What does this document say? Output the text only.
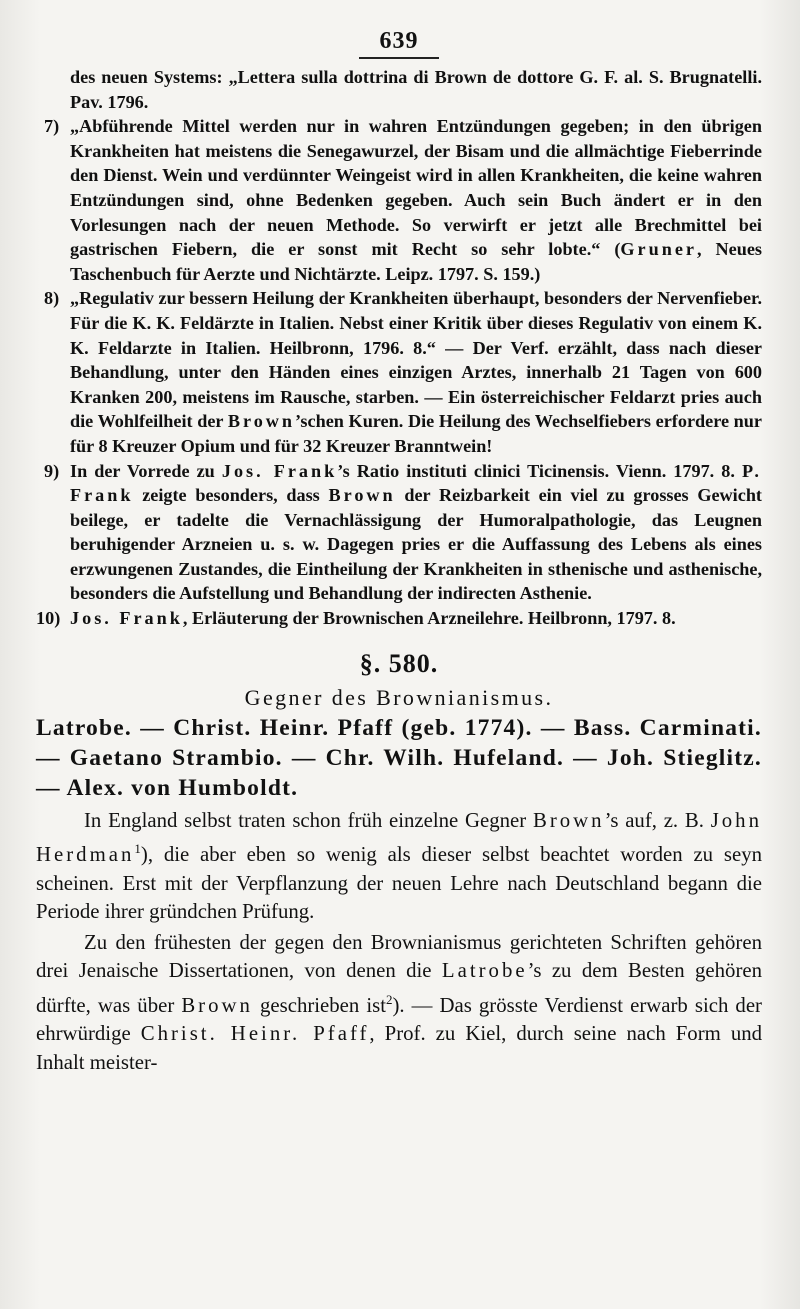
639
des neuen Systems: „Lettera sulla dottrina di Brown de dottore G. F. al. S. Brugnatelli. Pav. 1796.
7) „Abführende Mittel werden nur in wahren Entzündungen gegeben; in den übrigen Krankheiten hat meistens die Senegawurzel, der Bisam und die allmächtige Fieberrinde den Dienst. Wein und verdünnter Weingeist wird in allen Krankheiten, die keine wahren Entzündungen sind, ohne Bedenken gegeben. Auch sein Buch ändert er in den Vorlesungen nach der neuen Methode. So verwirft er jetzt alle Brechmittel bei gastrischen Fiebern, die er sonst mit Recht so sehr lobte.“ (Gruner, Neues Taschenbuch für Aerzte und Nichtärzte. Leipz. 1797. S. 159.)
8) „Regulativ zur bessern Heilung der Krankheiten überhaupt, besonders der Nervenfieber. Für die K. K. Feldärzte in Italien. Nebst einer Kritik über dieses Regulativ von einem K. K. Feldarzte in Italien. Heilbronn, 1796. 8.“ — Der Verf. erzählt, dass nach dieser Behandlung, unter den Händen eines einzigen Arztes, innerhalb 21 Tagen von 600 Kranken 200, meistens im Rausche, starben. — Ein österreichischer Feldarzt pries auch die Wohlfeilheit der Brown’schen Kuren. Die Heilung des Wechselfiebers erfordere nur für 8 Kreuzer Opium und für 32 Kreuzer Branntwein!
9) In der Vorrede zu Jos. Frank’s Ratio instituti clinici Ticinensis. Vienn. 1797. 8. P. Frank zeigte besonders, dass Brown der Reizbarkeit ein viel zu grosses Gewicht beilege, er tadelte die Vernachlässigung der Humoralpathologie, das Leugnen beruhigender Arzneien u. s. w. Dagegen pries er die Auffassung des Lebens als eines erzwungenen Zustandes, die Eintheilung der Krankheiten in sthenische und asthenische, besonders die Aufstellung und Behandlung der indirecten Asthenie.
10) Jos. Frank, Erläuterung der Brownischen Arzneilehre. Heilbronn, 1797. 8.
§. 580.
Gegner des Brownianismus.
Latrobe. — Christ. Heinr. Pfaff (geb. 1774). — Bass. Carminati. — Gaetano Strambio. — Chr. Wilh. Hufeland. — Joh. Stieglitz. — Alex. von Humboldt.

In England selbst traten schon früh einzelne Gegner Brown’s auf, z. B. John Herdman$^1$), die aber eben so wenig als dieser selbst beachtet worden zu seyn scheinen. Erst mit der Verpflanzung der neuen Lehre nach Deutschland begann die Periode ihrer gründchen Prüfung.

Zu den frühesten der gegen den Brownianismus gerichteten Schriften gehören drei Jenaische Dissertationen, von denen die Latrobe’s zu dem Besten gehören dürfte, was über Brown geschrieben ist$^2$). — Das grösste Verdienst erwarb sich der ehrwürdige Christ. Heinr. Pfaff, Prof. zu Kiel, durch seine nach Form und Inhalt meister-
